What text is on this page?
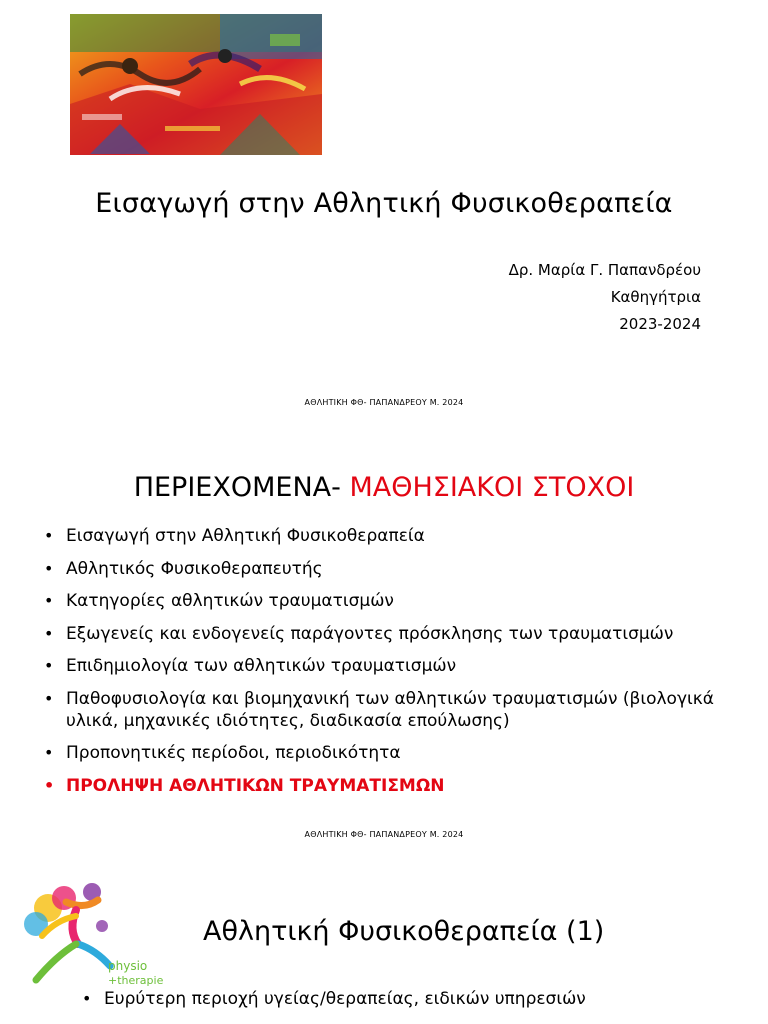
Εισαγωγή στην Αθλητική Φυσικοθεραπεία
Δρ. Μαρία Γ. Παπανδρέου
Καθηγήτρια
2023-2024
ΑΘΛΗΤΙΚΗ ΦΘ- ΠΑΠΑΝΔΡΕΟΥ Μ. 2024
ΠΕΡΙΕΧΟΜΕΝΑ- ΜΑΘΗΣΙΑΚΟΙ ΣΤΟΧΟΙ
• Εισαγωγή στην Αθλητική Φυσικοθεραπεία
• Αθλητικός Φυσικοθεραπευτής
• Κατηγορίες αθλητικών τραυματισμών
• Εξωγενείς και ενδογενείς παράγοντες πρόσκλησης των τραυματισμών
• Επιδημιολογία των αθλητικών τραυματισμών
• Παθοφυσιολογία και βιομηχανική των αθλητικών τραυματισμών (βιολογικά υλικά, μηχανικές ιδιότητες, διαδικασία επούλωσης)
• Προπονητικές περίοδοι, περιοδικότητα
• ΠΡΟΛΗΨΗ ΑΘΛΗΤΙΚΩΝ ΤΡΑΥΜΑΤΙΣΜΩΝ
ΑΘΛΗΤΙΚΗ ΦΘ- ΠΑΠΑΝΔΡΕΟΥ Μ. 2024
physio
+therapie
Αθλητική Φυσικοθεραπεία (1)
• Ευρύτερη περιοχή υγείας/θεραπείας, ειδικών υπηρεσιών
